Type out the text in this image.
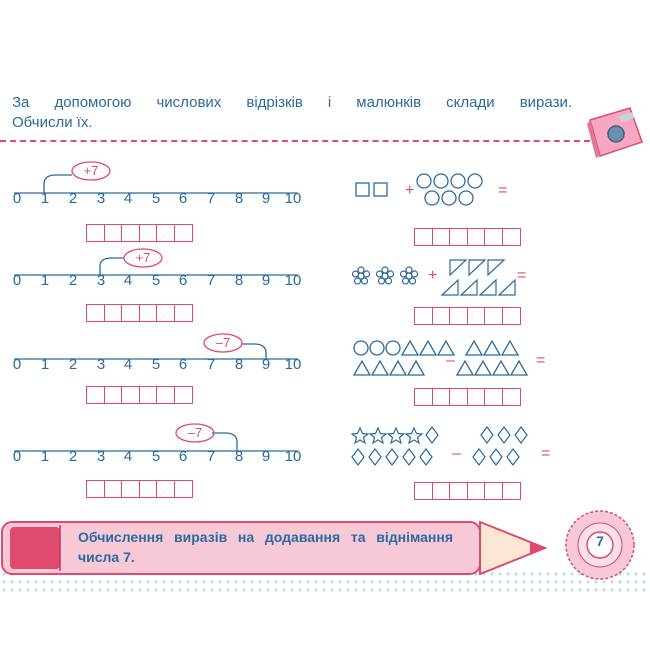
За допомогою числових відрізків і малюнків склади вирази.
Обчисли їх.
+7
0 1 2 3 4 5 6 7 8 9 10
+7
0 1 2 3 4 5 6 7 8 9 10
–7
0 1 2 3 4 5 6 7 8 9 10
–7
0 1 2 3 4 5 6 7 8 9 10
+	=
+	=
–	=
–	=
Обчислення виразів на додавання та віднімання
числа 7.
7
